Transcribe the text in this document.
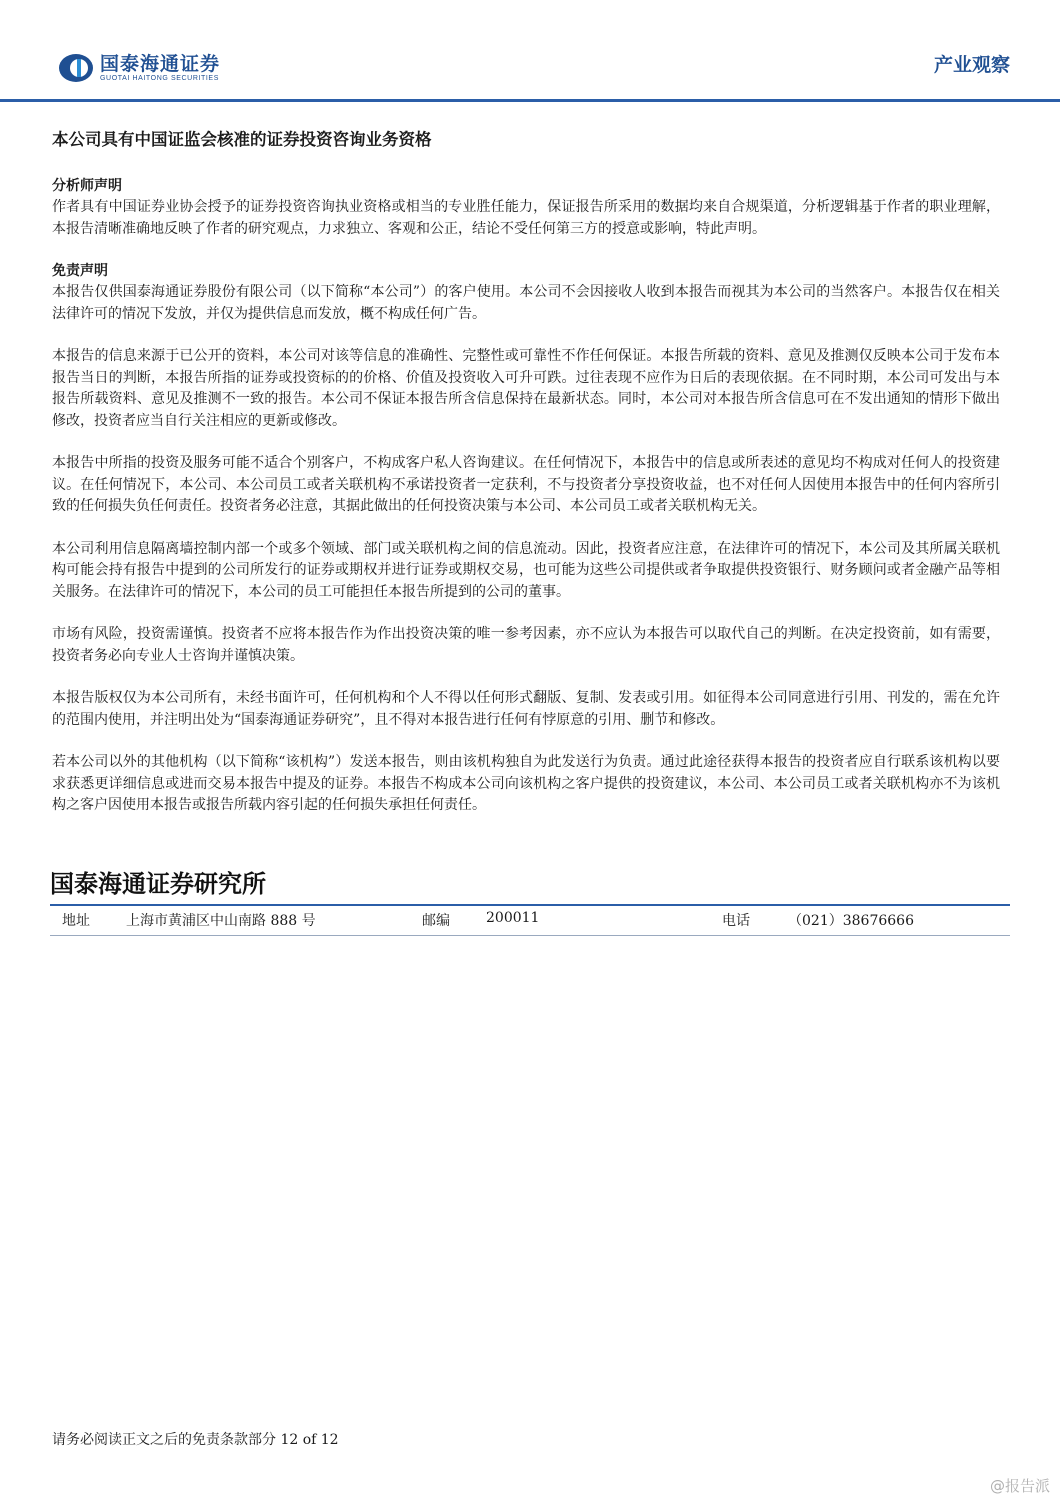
国泰海通证券
GUOTAI HAITONG SECURITIES
产业观察

本公司具有中国证监会核准的证券投资咨询业务资格

分析师声明

作者具有中国证券业协会授予的证券投资咨询执业资格或相当的专业胜任能力，保证报告所采用的数据均来自合规渠道，分析逻辑基于作者的职业理解，本报告清晰准确地反映了作者的研究观点，力求独立、客观和公正，结论不受任何第三方的授意或影响，特此声明。

免责声明

本报告仅供国泰海通证券股份有限公司（以下简称“本公司”）的客户使用。本公司不会因接收人收到本报告而视其为本公司的当然客户。本报告仅在相关法律许可的情况下发放，并仅为提供信息而发放，概不构成任何广告。

本报告的信息来源于已公开的资料，本公司对该等信息的准确性、完整性或可靠性不作任何保证。本报告所载的资料、意见及推测仅反映本公司于发布本报告当日的判断，本报告所指的证券或投资标的的价格、价值及投资收入可升可跌。过往表现不应作为日后的表现依据。在不同时期，本公司可发出与本报告所载资料、意见及推测不一致的报告。本公司不保证本报告所含信息保持在最新状态。同时，本公司对本报告所含信息可在不发出通知的情形下做出修改，投资者应当自行关注相应的更新或修改。

本报告中所指的投资及服务可能不适合个别客户，不构成客户私人咨询建议。在任何情况下，本报告中的信息或所表述的意见均不构成对任何人的投资建议。在任何情况下，本公司、本公司员工或者关联机构不承诺投资者一定获利，不与投资者分享投资收益，也不对任何人因使用本报告中的任何内容所引致的任何损失负任何责任。投资者务必注意，其据此做出的任何投资决策与本公司、本公司员工或者关联机构无关。

本公司利用信息隔离墙控制内部一个或多个领域、部门或关联机构之间的信息流动。因此，投资者应注意，在法律许可的情况下，本公司及其所属关联机构可能会持有报告中提到的公司所发行的证券或期权并进行证券或期权交易，也可能为这些公司提供或者争取提供投资银行、财务顾问或者金融产品等相关服务。在法律许可的情况下，本公司的员工可能担任本报告所提到的公司的董事。

市场有风险，投资需谨慎。投资者不应将本报告作为作出投资决策的唯一参考因素，亦不应认为本报告可以取代自己的判断。在决定投资前，如有需要，投资者务必向专业人士咨询并谨慎决策。

本报告版权仅为本公司所有，未经书面许可，任何机构和个人不得以任何形式翻版、复制、发表或引用。如征得本公司同意进行引用、刊发的，需在允许的范围内使用，并注明出处为“国泰海通证券研究”，且不得对本报告进行任何有悖原意的引用、删节和修改。

若本公司以外的其他机构（以下简称“该机构”）发送本报告，则由该机构独自为此发送行为负责。通过此途径获得本报告的投资者应自行联系该机构以要求获悉更详细信息或进而交易本报告中提及的证券。本报告不构成本公司向该机构之客户提供的投资建议，本公司、本公司员工或者关联机构亦不为该机构之客户因使用本报告或报告所载内容引起的任何损失承担任何责任。

国泰海通证券研究所
地址	上海市黄浦区中山南路 888 号	邮编	200011	电话	（021）38676666
请务必阅读正文之后的免责条款部分 12 of 12
@报告派
